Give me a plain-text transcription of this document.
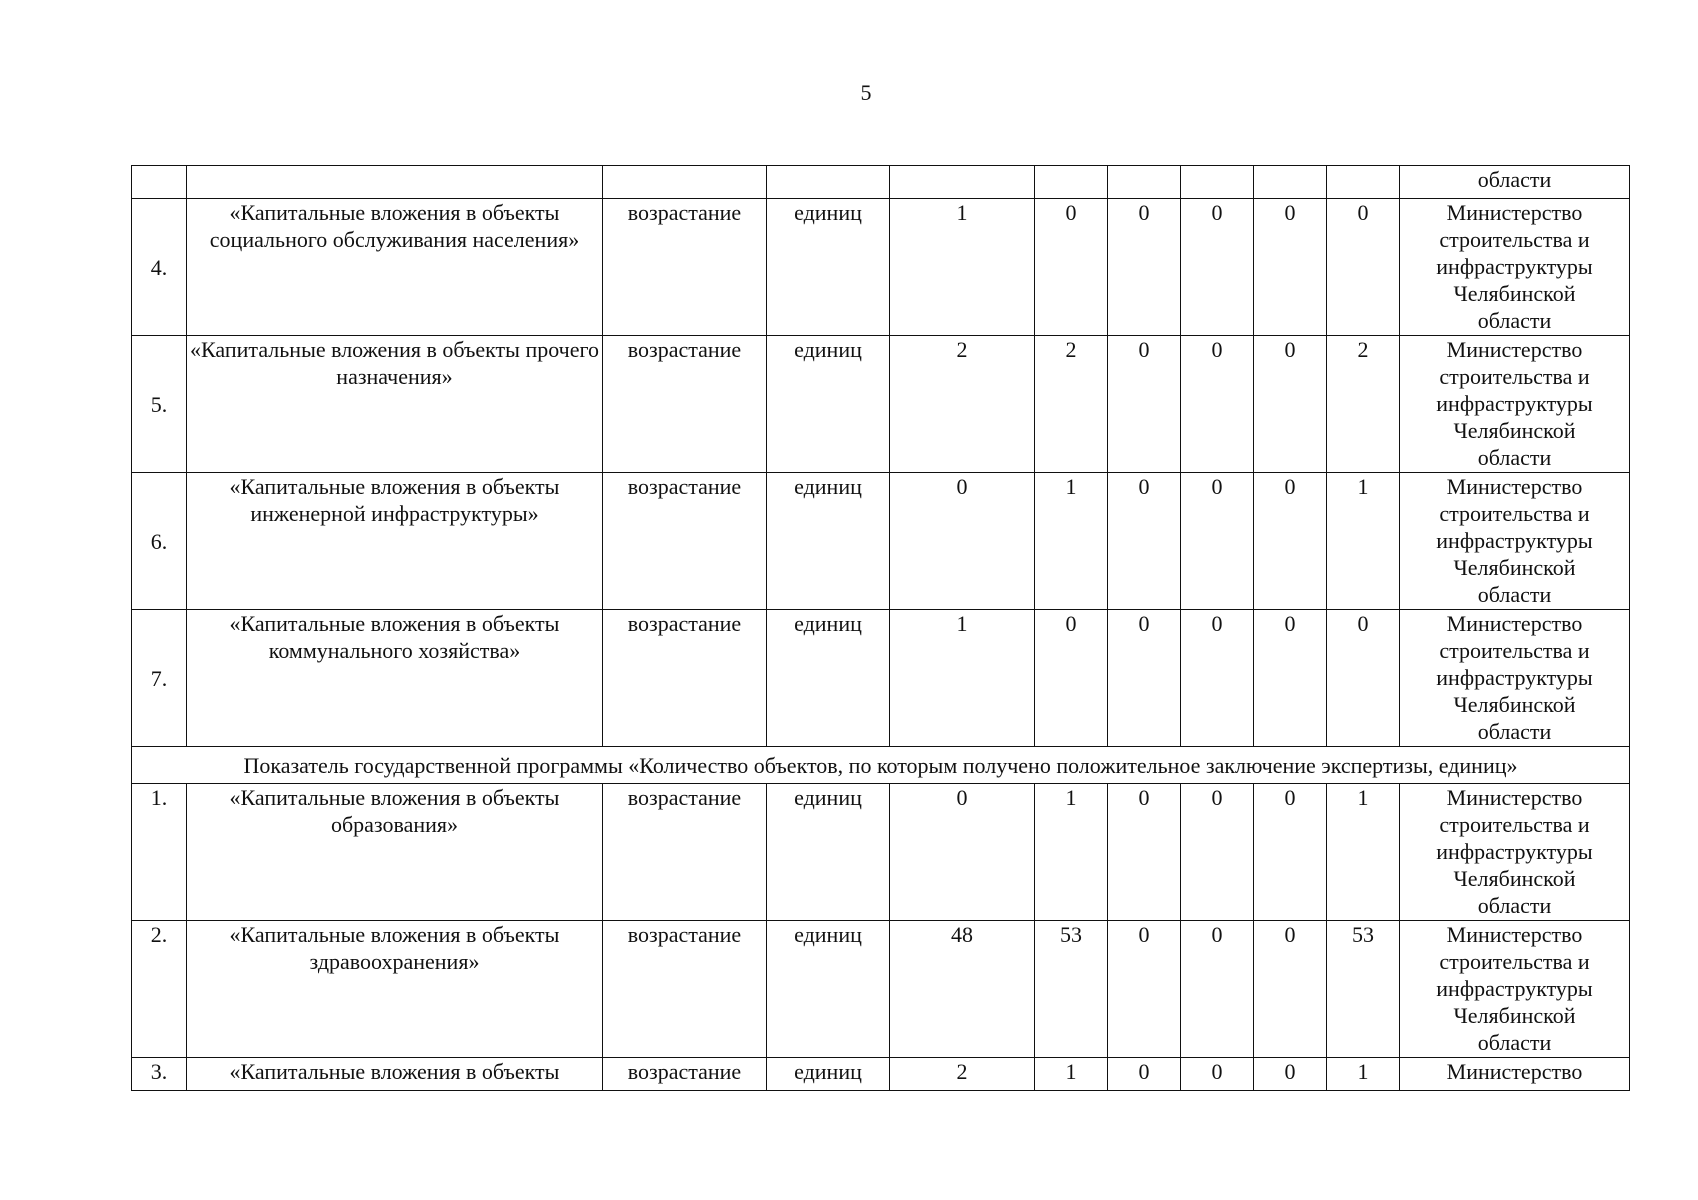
5
										области
4.	«Капитальные вложения в объекты социального обслуживания населения»	возрастание	единиц	1	0	0	0	0	0	Министерство
строительства и
инфраструктуры
Челябинской
области

5.	«Капитальные вложения в объекты прочего назначения»	возрастание	единиц	2	2	0	0	0	2	Министерство
строительства и
инфраструктуры
Челябинской
области

6.	«Капитальные вложения в объекты инженерной инфраструктуры»	возрастание	единиц	0	1	0	0	0	1	Министерство
строительства и
инфраструктуры
Челябинской
области

7.	«Капитальные вложения в объекты коммунального хозяйства»	возрастание	единиц	1	0	0	0	0	0	Министерство
строительства и
инфраструктуры
Челябинской
области

Показатель государственной программы «Количество объектов, по которым получено положительное заключение экспертизы, единиц»										
1.	«Капитальные вложения в объекты образования»	возрастание	единиц	0	1	0	0	0	1	Министерство
строительства и
инфраструктуры
Челябинской
области

2.	«Капитальные вложения в объекты здравоохранения»	возрастание	единиц	48	53	0	0	0	53	Министерство
строительства и
инфраструктуры
Челябинской
области

3.	«Капитальные вложения в объекты	возрастание	единиц	2	1	0	0	0	1	Министерство
